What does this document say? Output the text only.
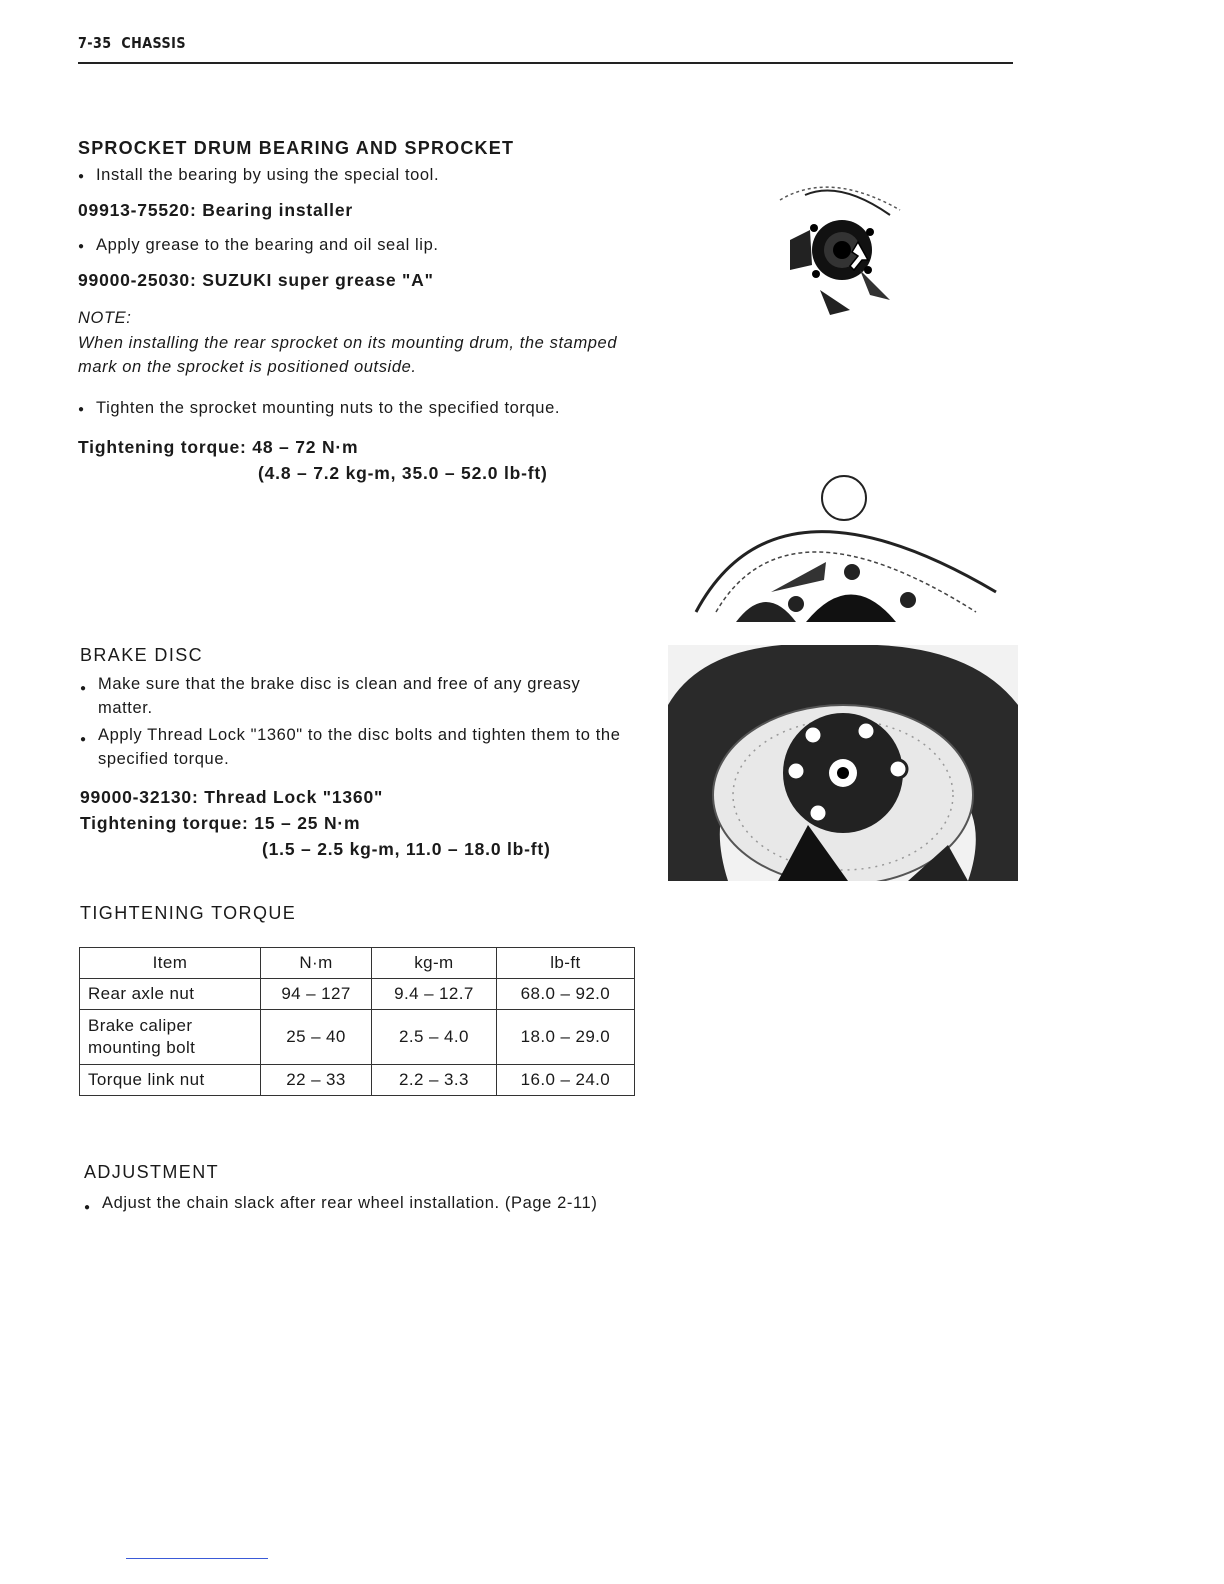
7-35 CHASSIS
SPROCKET DRUM BEARING AND SPROCKET
● Install the bearing by using the special tool.
09913-75520: Bearing installer
● Apply grease to the bearing and oil seal lip.
99000-25030: SUZUKI super grease "A"
NOTE:
When installing the rear sprocket on its mounting drum, the stamped mark on the sprocket is positioned outside.
● Tighten the sprocket mounting nuts to the specified torque.
Tightening torque: 48 – 72 N·m
(4.8 – 7.2 kg-m, 35.0 – 52.0 lb-ft)
BRAKE DISC
● Make sure that the brake disc is clean and free of any greasy matter.
● Apply Thread Lock "1360" to the disc bolts and tighten them to the specified torque.
99000-32130: Thread Lock "1360"
Tightening torque: 15 – 25 N·m
(1.5 – 2.5 kg-m, 11.0 – 18.0 lb-ft)
TIGHTENING TORQUE
Item	N·m	kg-m	lb-ft
Rear axle nut	94 – 127	9.4 – 12.7	68.0 – 92.0
Brake caliper mounting bolt	25 – 40	2.5 – 4.0	18.0 – 29.0
Torque link nut	22 – 33	2.2 – 3.3	16.0 – 24.0
ADJUSTMENT
● Adjust the chain slack after rear wheel installation. (Page 2-11)
